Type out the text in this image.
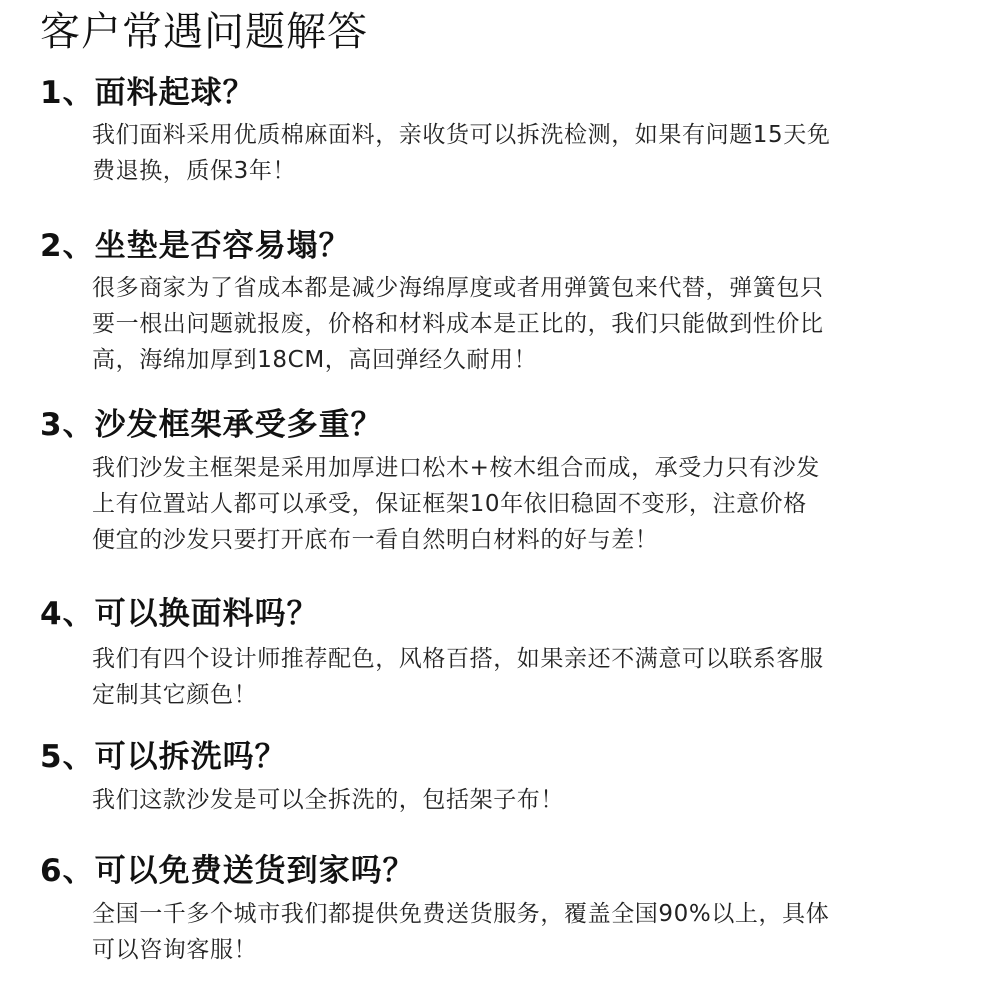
客户常遇问题解答
1、面料起球？
我们面料采用优质棉麻面料，亲收货可以拆洗检测，如果有问题15天免
费退换，质保3年！
2、坐垫是否容易塌？
很多商家为了省成本都是减少海绵厚度或者用弹簧包来代替，弹簧包只
要一根出问题就报废，价格和材料成本是正比的，我们只能做到性价比
高，海绵加厚到18CM，高回弹经久耐用！
3、沙发框架承受多重？
我们沙发主框架是采用加厚进口松木+桉木组合而成，承受力只有沙发
上有位置站人都可以承受，保证框架10年依旧稳固不变形，注意价格
便宜的沙发只要打开底布一看自然明白材料的好与差！
4、可以换面料吗？
我们有四个设计师推荐配色，风格百搭，如果亲还不满意可以联系客服
定制其它颜色！
5、可以拆洗吗？
我们这款沙发是可以全拆洗的，包括架子布！
6、可以免费送货到家吗？
全国一千多个城市我们都提供免费送货服务，覆盖全国90%以上，具体
可以咨询客服！
